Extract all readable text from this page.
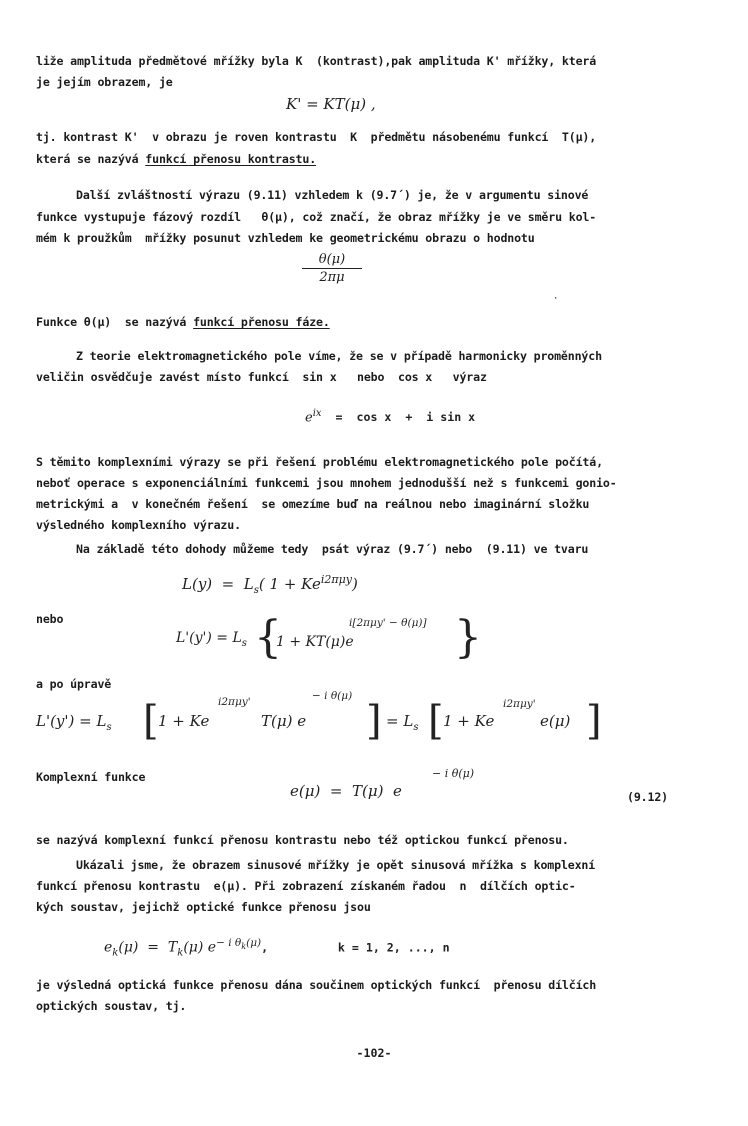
liže amplituda předmětové mřížky byla K  (kontrast),pak amplituda K' mřížky, která
je jejím obrazem, je
K' = KT(μ) ,
tj. kontrast K'  v obrazu je roven kontrastu  K  předmětu násobenému funkcí  T(μ),
která se nazývá funkcí přenosu kontrastu.
Další zvláštností výrazu (9.11) vzhledem k (9.7´) je, že v argumentu sinové
funkce vystupuje fázový rozdíl   θ(μ), což značí, že obraz mřížky je ve směru kol-
mém k proužkům  mřížky posunut vzhledem ke geometrickému obrazu o hodnotu
θ(μ)
2πμ
·
Funkce θ(μ)  se nazývá funkcí přenosu fáze.
Z teorie elektromagnetického pole víme, že se v případě harmonicky proměnných
veličin osvědčuje zavést místo funkcí  sin x   nebo  cos x   výraz
$e^{ix} = \cos x + i$ sin x
S těmito komplexními výrazy se při řešení problému elektromagnetického pole počítá,
neboť operace s exponenciálními funkcemi jsou mnohem jednodušší než s funkcemi gonio-
metrickými a  v konečném řešení  se omezíme buď na reálnou nebo imaginární složku
výsledného komplexního výrazu.
Na základě této dohody můžeme tedy  psát výraz (9.7´) nebo  (9.11) ve tvaru
$L(y) = L_s$( $1 + Ke^{i2\pi\mu y}$)
nebo
$L'(y') = L_s$ {
1 + KT(μ)e
i[2πμy' − θ(μ)] }
a po úpravě
$L'(y') = L_s$ [ 1 + Ke
i2πμy'
T(μ) e
− i θ(μ)
] = $L_s$ [ 1 + Ke
i2πμy'
e(μ) ]
Komplexní funkce
e(μ)  =  T(μ)  e
− i θ(μ)
(9.12)
se nazývá komplexní funkcí přenosu kontrastu nebo též optickou funkcí přenosu.
Ukázali jsme, že obrazem sinusové mřížky je opět sinusová mřížka s komplexní
funkcí přenosu kontrastu  e(μ). Při zobrazení získaném řadou  n  dílčích optic-
kých soustav, jejichž optické funkce přenosu jsou
$e_k(\mu) = T_k(\mu)$ $e^{- i \theta_k(\mu)}$,          k = 1, 2, ..., n
je výsledná optická funkce přenosu dána součinem optických funkcí  přenosu dílčích
optických soustav, tj.
-102-
